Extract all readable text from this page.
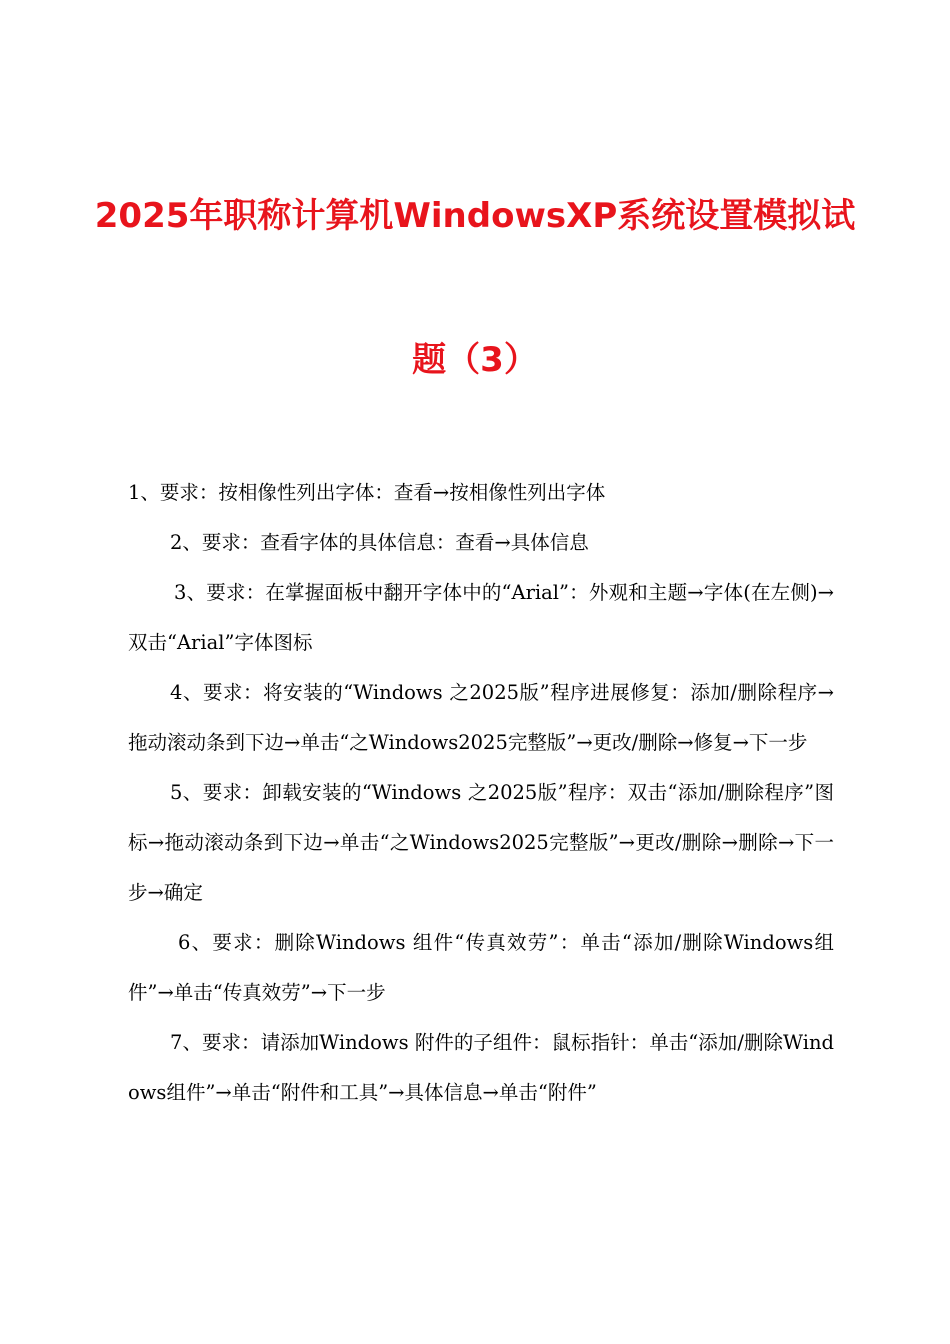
2025年职称计算机WindowsXP系统设置模拟试
题（3）

1、要求：按相像性列出字体：查看→按相像性列出字体

2、要求：查看字体的具体信息：查看→具体信息

3、要求：在掌握面板中翻开字体中的“Arial”：外观和主题→字体(在左侧)→双击“Arial”字体图标

4、要求：将安装的“Windows 之2025版”程序进展修复：添加/删除程序→拖动滚动条到下边→单击“之Windows2025完整版”→更改/删除→修复→下一步

5、要求：卸载安装的“Windows 之2025版”程序：双击“添加/删除程序”图标→拖动滚动条到下边→单击“之Windows2025完整版”→更改/删除→删除→下一步→确定

6、要求：删除Windows 组件“传真效劳”：单击“添加/删除Windows组件”→单击“传真效劳”→下一步

7、要求：请添加Windows 附件的子组件：鼠标指针：单击“添加/删除Windows组件”→单击“附件和工具”→具体信息→单击“附件”
